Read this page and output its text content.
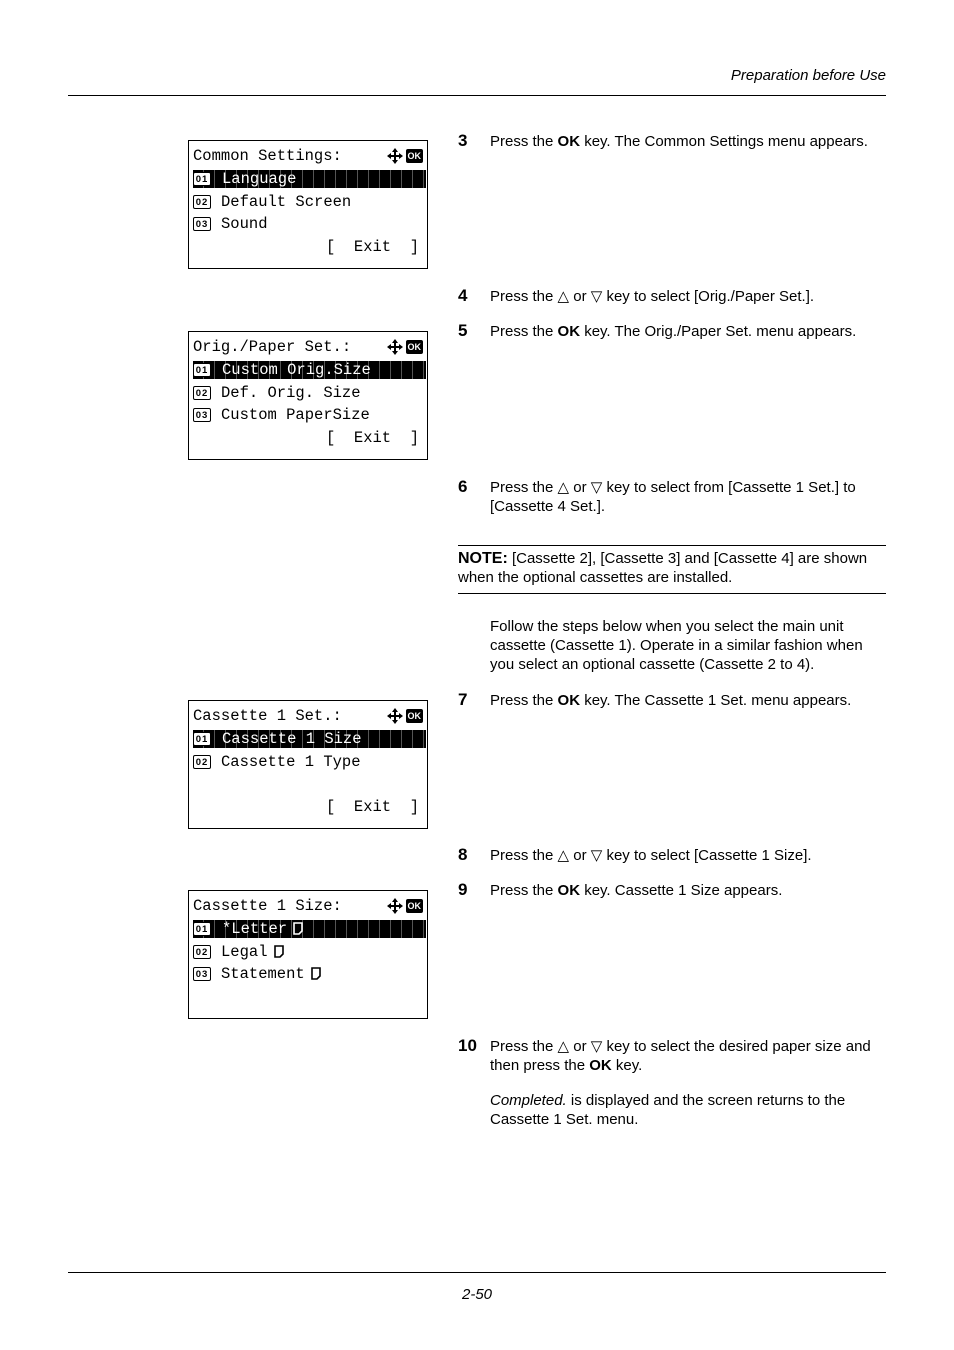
Preparation before Use
Common Settings:	OK
01 Language
02 Default Screen
03 Sound
[  Exit  ]
Orig./Paper Set.:	OK
01 Custom Orig.Size
02 Def. Orig. Size
03 Custom PaperSize
[  Exit  ]
Cassette 1 Set.:	OK
01 Cassette 1 Size
02 Cassette 1 Type
[  Exit  ]
Cassette 1 Size:	OK
01 *Letter
02 Legal
03 Statement
3 Press the OK key. The Common Settings menu appears.
4 Press the △ or ▽ key to select [Orig./Paper Set.].
5 Press the OK key. The Orig./Paper Set. menu appears.
6 Press the △ or ▽ key to select from [Cassette 1 Set.] to [Cassette 4 Set.].
NOTE: [Cassette 2], [Cassette 3] and [Cassette 4] are shown when the optional cassettes are installed.
Follow the steps below when you select the main unit cassette (Cassette 1). Operate in a similar fashion when you select an optional cassette (Cassette 2 to 4).
7 Press the OK key. The Cassette 1 Set. menu appears.
8 Press the △ or ▽ key to select [Cassette 1 Size].
9 Press the OK key. Cassette 1 Size appears.
10 Press the △ or ▽ key to select the desired paper size and then press the OK key.
Completed. is displayed and the screen returns to the Cassette 1 Set. menu.
2-50
